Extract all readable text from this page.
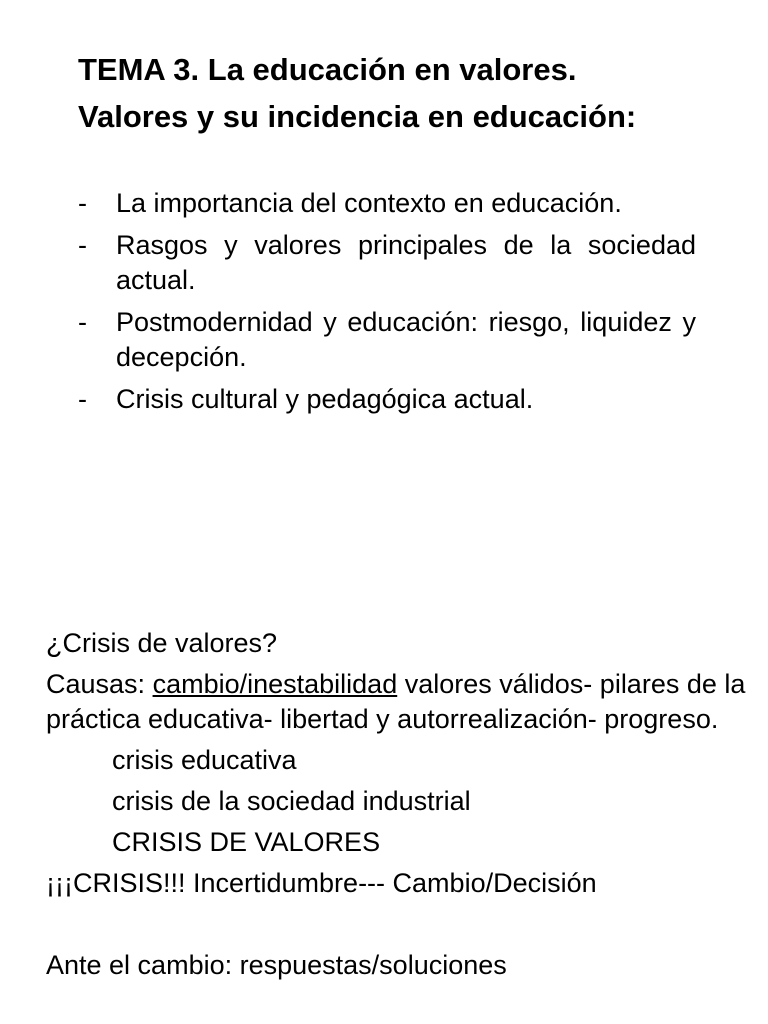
TEMA 3. La educación en valores.
Valores y su incidencia en educación:
- La importancia del contexto en educación.
- Rasgos y valores principales de la sociedad actual.
- Postmodernidad y educación: riesgo, liquidez y decepción.
- Crisis cultural y pedagógica actual.

¿Crisis de valores?

Causas: cambio/inestabilidad valores válidos- pilares de la práctica educativa- libertad y autorrealización- progreso.

crisis educativa

crisis de la sociedad industrial

CRISIS DE VALORES

¡¡¡CRISIS!!! Incertidumbre--- Cambio/Decisión

Ante el cambio: respuestas/soluciones
